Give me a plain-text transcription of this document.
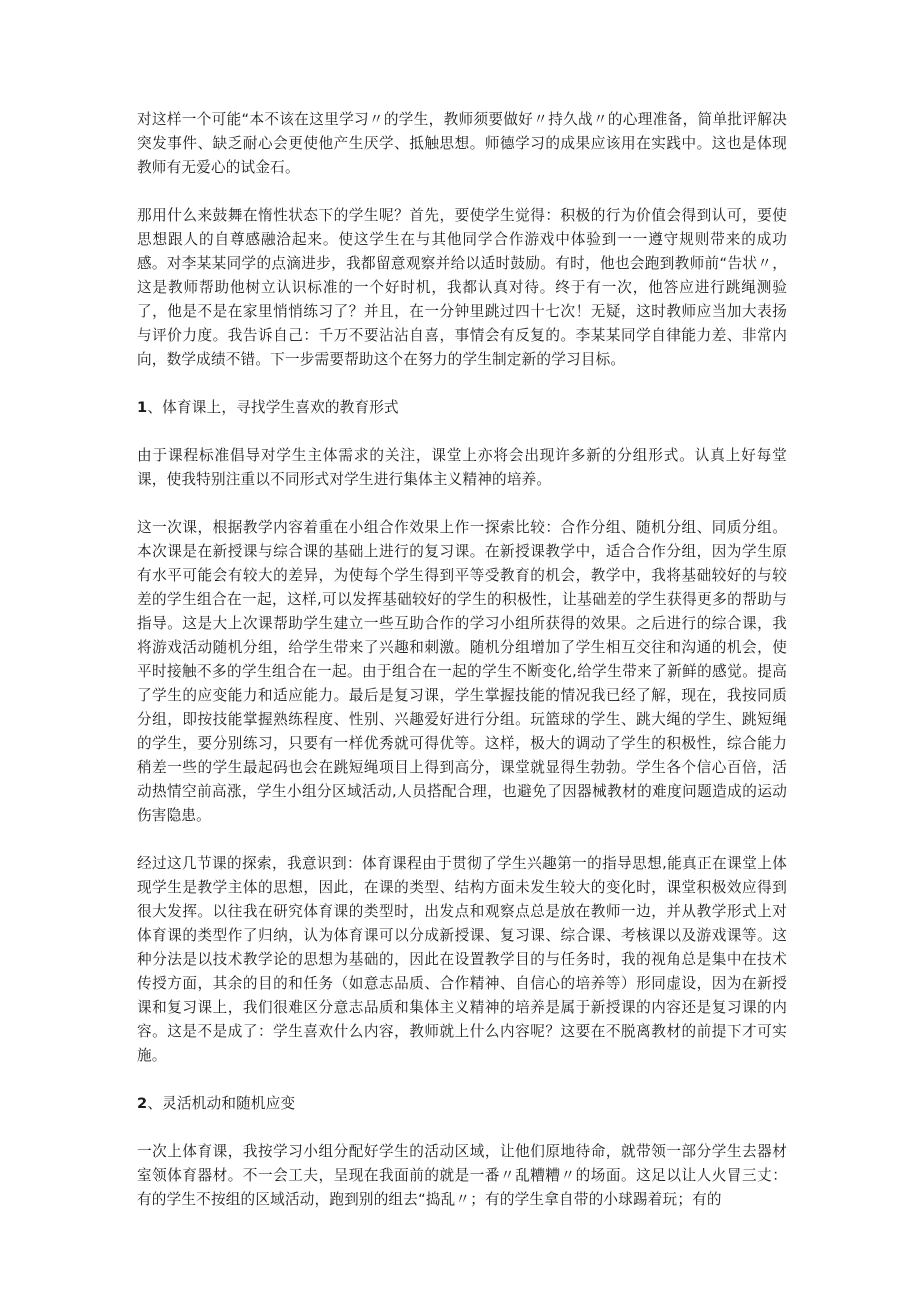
对这样一个可能“本不该在这里学习〃的学生，教师须要做好〃持久战〃的心理准备，简单批评解决突发事件、缺乏耐心会更使他产生厌学、抵触思想。师德学习的成果应该用在实践中。这也是体现教师有无爱心的试金石。

那用什么来鼓舞在惰性状态下的学生呢？首先，要使学生觉得：积极的行为价值会得到认可，要使思想跟人的自尊感融洽起来。使这学生在与其他同学合作游戏中体验到一一遵守规则带来的成功感。对李某某同学的点滴进步，我都留意观察并给以适时鼓励。有时，他也会跑到教师前“告状〃，这是教师帮助他树立认识标准的一个好时机，我都认真对待。终于有一次，他答应进行跳绳测验了，他是不是在家里悄悄练习了？并且，在一分钟里跳过四十七次！无疑，这时教师应当加大表扬与评价力度。我告诉自己：千万不要沾沾自喜，事情会有反复的。李某某同学自律能力差、非常内向，数学成绩不错。下一步需要帮助这个在努力的学生制定新的学习目标。

1、体育课上，寻找学生喜欢的教育形式

由于课程标准倡导对学生主体需求的关注，课堂上亦将会出现许多新的分组形式。认真上好每堂课，使我特别注重以不同形式对学生进行集体主义精神的培养。

这一次课，根据教学内容着重在小组合作效果上作一探索比较：合作分组、随机分组、同质分组。本次课是在新授课与综合课的基础上进行的复习课。在新授课教学中，适合合作分组，因为学生原有水平可能会有较大的差异，为使每个学生得到平等受教育的机会，教学中，我将基础较好的与较差的学生组合在一起，这样,可以发挥基础较好的学生的积极性，让基础差的学生获得更多的帮助与指导。这是大上次课帮助学生建立一些互助合作的学习小组所获得的效果。之后进行的综合课，我将游戏活动随机分组，给学生带来了兴趣和刺激。随机分组增加了学生相互交往和沟通的机会，使平时接触不多的学生组合在一起。由于组合在一起的学生不断变化,给学生带来了新鲜的感觉。提高了学生的应变能力和适应能力。最后是复习课，学生掌握技能的情况我已经了解，现在，我按同质分组，即按技能掌握熟练程度、性别、兴趣爱好进行分组。玩篮球的学生、跳大绳的学生、跳短绳的学生，要分别练习，只要有一样优秀就可得优等。这样，极大的调动了学生的积极性，综合能力稍差一些的学生最起码也会在跳短绳项目上得到高分，课堂就显得生勃勃。学生各个信心百倍，活动热情空前高涨，学生小组分区域活动,人员搭配合理，也避免了因器械教材的难度问题造成的运动伤害隐患。

经过这几节课的探索，我意识到：体育课程由于贯彻了学生兴趣第一的指导思想,能真正在课堂上体现学生是教学主体的思想，因此，在课的类型、结构方面未发生较大的变化时，课堂积极效应得到很大发挥。以往我在研究体育课的类型时，出发点和观察点总是放在教师一边，并从教学形式上对体育课的类型作了归纳，认为体育课可以分成新授课、复习课、综合课、考核课以及游戏课等。这种分法是以技术教学论的思想为基础的，因此在设置教学目的与任务时，我的视角总是集中在技术传授方面，其余的目的和任务（如意志品质、合作精神、自信心的培养等）形同虚设，因为在新授课和复习课上，我们很难区分意志品质和集体主义精神的培养是属于新授课的内容还是复习课的内容。这是不是成了：学生喜欢什么内容，教师就上什么内容呢？这要在不脱离教材的前提下才可实施。

2、灵活机动和随机应变

一次上体育课，我按学习小组分配好学生的活动区域，让他们原地待命，就带领一部分学生去器材室领体育器材。不一会工夫，呈现在我面前的就是一番〃乱糟糟〃的场面。这足以让人火冒三丈：有的学生不按组的区域活动，跑到别的组去“捣乱〃；有的学生拿自带的小球踢着玩；有的
